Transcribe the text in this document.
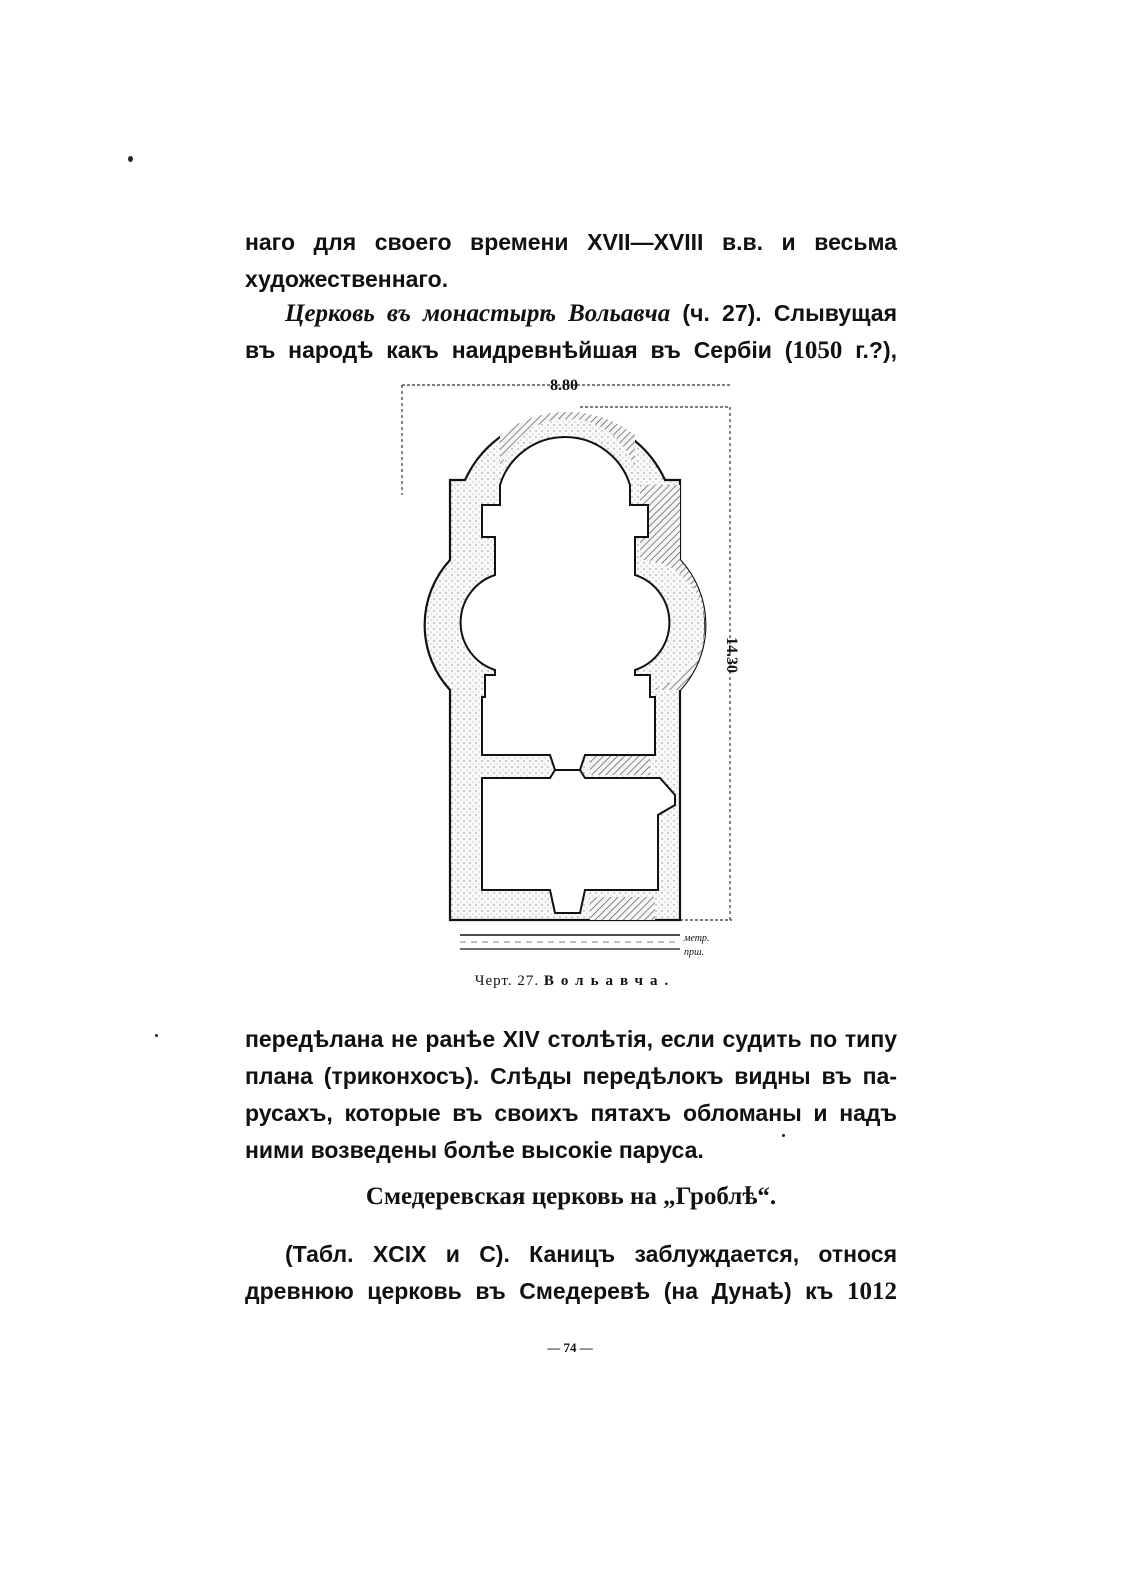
наго для своего времени XVII—XVIII в.в. и весьма
художественнаго.
Церковь въ монастырѣ Вольавча (ч. 27). Слывущая
въ народѣ какъ наидревнѣйшая въ Сербіи (1050 г.?),
8.80
14.30
метр.
прш.
Черт. 27. Вольавча.
передѣлана не ранѣе XIV столѣтія, если судить по типу
плана (триконхосъ). Слѣды передѣлокъ видны въ па-
русахъ, которые въ своихъ пятахъ обломаны и надъ
ними возведены болѣе высокіе паруса.
Смедеревская церковь на „Гроблѣ“.
(Табл. XCIX и С). Каницъ заблуждается, относя
древнюю церковь въ Смедеревѣ (на Дунаѣ) къ 1012
— 74 —
